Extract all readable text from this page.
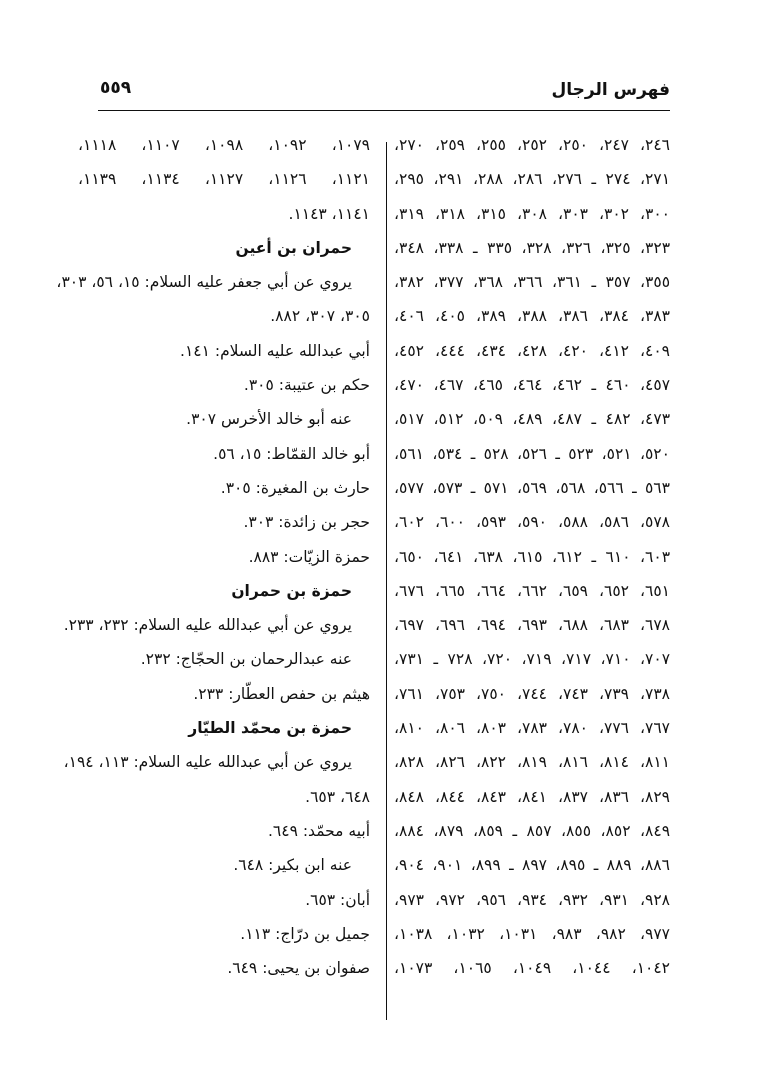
فهرس الرجال
٥٥٩
٢٤٦، ٢٤٧، ٢٥٠، ٢٥٢، ٢٥٥، ٢٥٩، ٢٧٠،
٢٧١، ٢٧٤ ـ ٢٧٦، ٢٨٦، ٢٨٨، ٢٩١، ٢٩٥،
٣٠٠، ٣٠٢، ٣٠٣، ٣٠٨، ٣١٥، ٣١٨، ٣١٩،
٣٢٣، ٣٢٥، ٣٢٦، ٣٢٨، ٣٣٥ ـ ٣٣٨، ٣٤٨،
٣٥٥، ٣٥٧ ـ ٣٦١، ٣٦٦، ٣٦٨، ٣٧٧، ٣٨٢،
٣٨٣، ٣٨٤، ٣٨٦، ٣٨٨، ٣٨٩، ٤٠٥، ٤٠٦،
٤٠٩، ٤١٢، ٤٢٠، ٤٢٨، ٤٣٤، ٤٤٤، ٤٥٢،
٤٥٧، ٤٦٠ ـ ٤٦٢، ٤٦٤، ٤٦٥، ٤٦٧، ٤٧٠،
٤٧٣، ٤٨٢ ـ ٤٨٧، ٤٨٩، ٥٠٩، ٥١٢، ٥١٧،
٥٢٠، ٥٢١، ٥٢٣ ـ ٥٢٦، ٥٢٨ ـ ٥٣٤، ٥٦١،
٥٦٣ ـ ٥٦٦، ٥٦٨، ٥٦٩، ٥٧١ ـ ٥٧٣، ٥٧٧،
٥٧٨، ٥٨٦، ٥٨٨، ٥٩٠، ٥٩٣، ٦٠٠، ٦٠٢،
٦٠٣، ٦١٠ ـ ٦١٢، ٦١٥، ٦٣٨، ٦٤١، ٦٥٠،
٦٥١، ٦٥٢، ٦٥٩، ٦٦٢، ٦٦٤، ٦٦٥، ٦٧٦،
٦٧٨، ٦٨٣، ٦٨٨، ٦٩٣، ٦٩٤، ٦٩٦، ٦٩٧،
٧٠٧، ٧١٠، ٧١٧، ٧١٩، ٧٢٠، ٧٢٨ ـ ٧٣١،
٧٣٨، ٧٣٩، ٧٤٣، ٧٤٤، ٧٥٠، ٧٥٣، ٧٦١،
٧٦٧، ٧٧٦، ٧٨٠، ٧٨٣، ٨٠٣، ٨٠٦، ٨١٠،
٨١١، ٨١٤، ٨١٦، ٨١٩، ٨٢٢، ٨٢٦، ٨٢٨،
٨٢٩، ٨٣٦، ٨٣٧، ٨٤١، ٨٤٣، ٨٤٤، ٨٤٨،
٨٤٩، ٨٥٢، ٨٥٥، ٨٥٧ ـ ٨٥٩، ٨٧٩، ٨٨٤،
٨٨٦، ٨٨٩ ـ ٨٩٥، ٨٩٧ ـ ٨٩٩، ٩٠١، ٩٠٤،
٩٢٨، ٩٣١، ٩٣٢، ٩٣٤، ٩٥٦، ٩٧٢، ٩٧٣،
٩٧٧، ٩٨٢، ٩٨٣، ١٠٣١، ١٠٣٢، ١٠٣٨،
١٠٤٢، ١٠٤٤، ١٠٤٩، ١٠٦٥، ١٠٧٣،
١٠٧٩، ١٠٩٢، ١٠٩٨، ١١٠٧، ١١١٨،
١١٢١، ١١٢٦، ١١٢٧، ١١٣٤، ١١٣٩،
١١٤١، ١١٤٣.
حمران بن أعين
يروي عن أبي جعفر عليه السلام: ١٥، ٥٦، ٣٠٣،
٣٠٥، ٣٠٧، ٨٨٢.
أبي عبدالله عليه السلام: ١٤١.
حكم بن عتيبة: ٣٠٥.
عنه أبو خالد الأخرس ٣٠٧.
أبو خالد القمّاط: ١٥، ٥٦.
حارث بن المغيرة: ٣٠٥.
حجر بن زائدة: ٣٠٣.
حمزة الزيّات: ٨٨٣.
حمزة بن حمران
يروي عن أبي عبدالله عليه السلام: ٢٣٢، ٢٣٣.
عنه عبدالرحمان بن الحجّاج: ٢٣٢.
هيثم بن حفص العطّار: ٢٣٣.
حمزة بن محمّد الطيّار
يروي عن أبي عبدالله عليه السلام: ١١٣، ١٩٤،
٦٤٨، ٦٥٣.
أبيه محمّد: ٦٤٩.
عنه ابن بكير: ٦٤٨.
أبان: ٦٥٣.
جميل بن درّاج: ١١٣.
صفوان بن يحيى: ٦٤٩.
